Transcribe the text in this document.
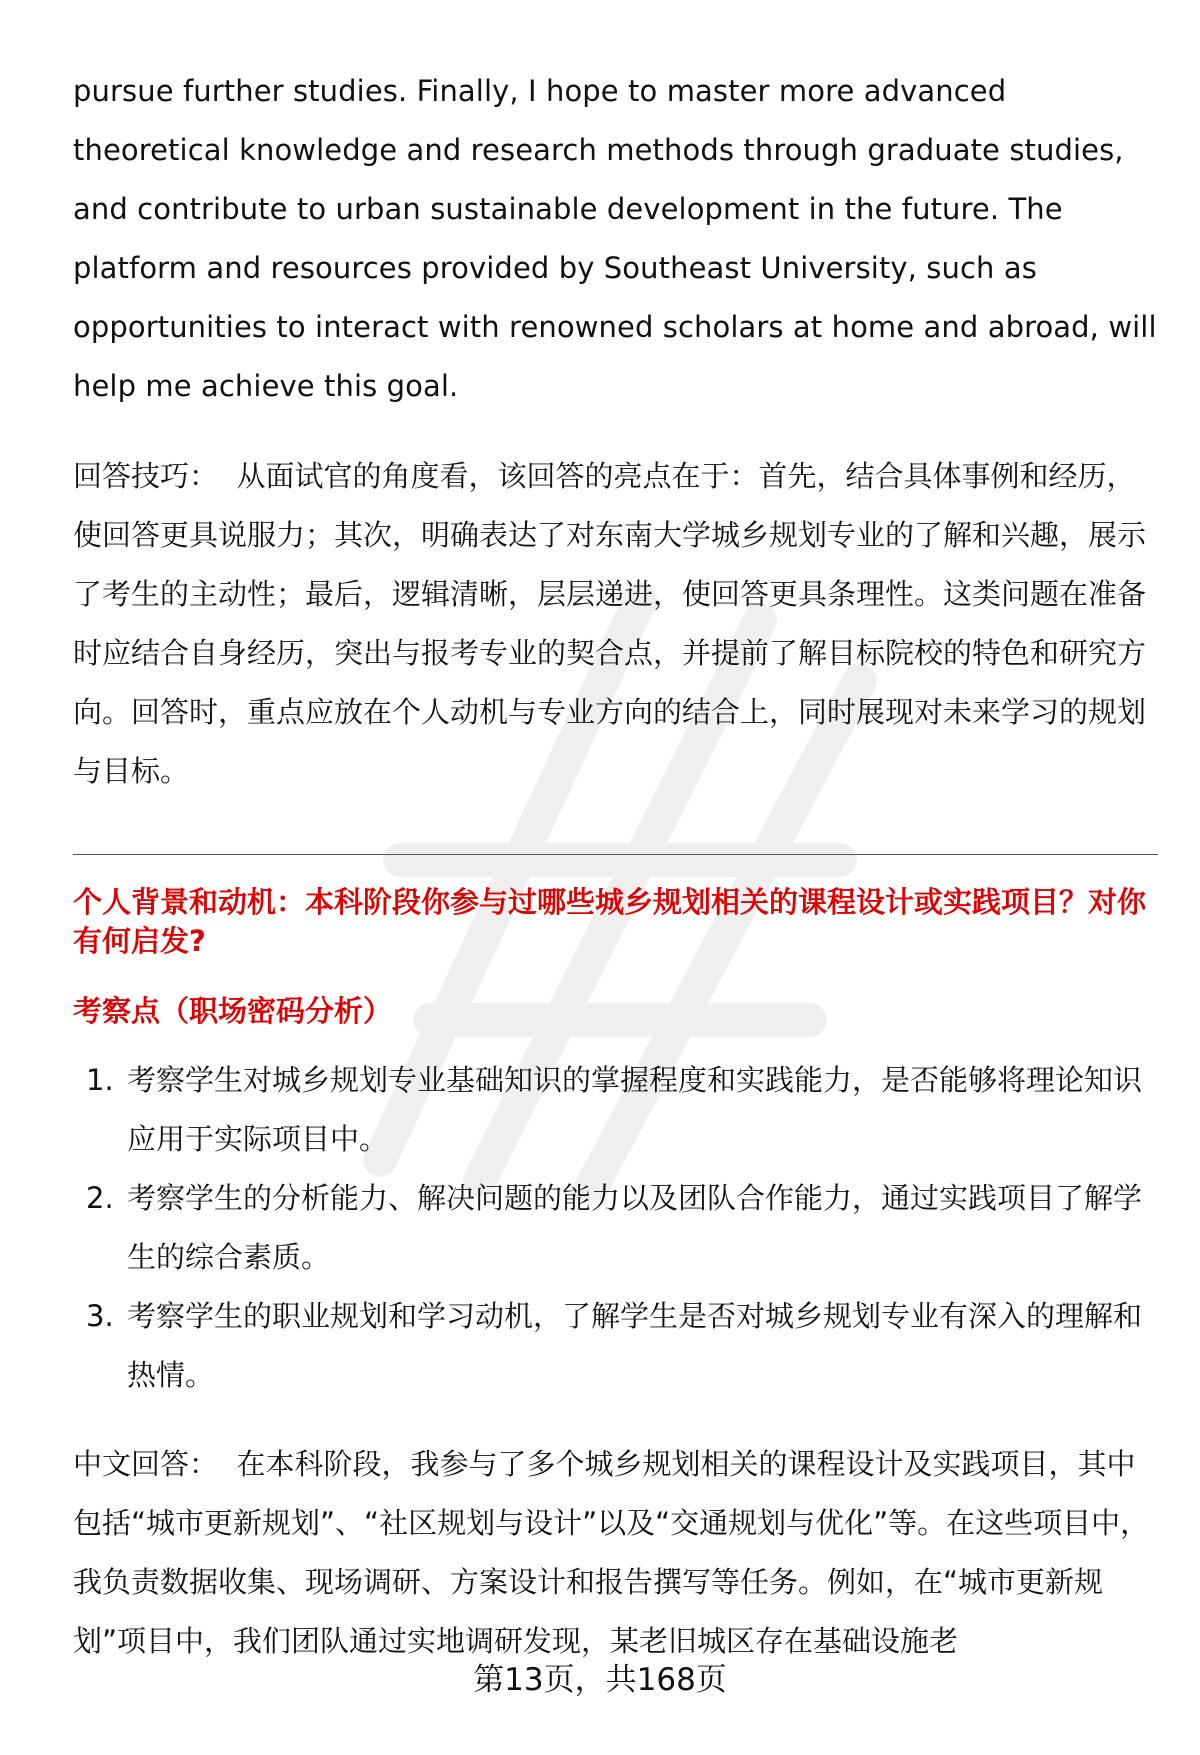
pursue further studies. Finally, I hope to master more advanced theoretical knowledge and research methods through graduate studies, and contribute to urban sustainable development in the future. The platform and resources provided by Southeast University, such as opportunities to interact with renowned scholars at home and abroad, will help me achieve this goal.

回答技巧： 从面试官的角度看，该回答的亮点在于：首先，结合具体事例和经历，使回答更具说服力；其次，明确表达了对东南大学城乡规划专业的了解和兴趣，展示了考生的主动性；最后，逻辑清晰，层层递进，使回答更具条理性。这类问题在准备时应结合自身经历，突出与报考专业的契合点，并提前了解目标院校的特色和研究方向。回答时，重点应放在个人动机与专业方向的结合上，同时展现对未来学习的规划与目标。

个人背景和动机：本科阶段你参与过哪些城乡规划相关的课程设计或实践项目？对你有何启发?

考察点（职场密码分析）

1. 考察学生对城乡规划专业基础知识的掌握程度和实践能力，是否能够将理论知识应用于实际项目中。
2. 考察学生的分析能力、解决问题的能力以及团队合作能力，通过实践项目了解学生的综合素质。
3. 考察学生的职业规划和学习动机，了解学生是否对城乡规划专业有深入的理解和热情。

中文回答： 在本科阶段，我参与了多个城乡规划相关的课程设计及实践项目，其中包括“城市更新规划”、“社区规划与设计”以及“交通规划与优化”等。在这些项目中，我负责数据收集、现场调研、方案设计和报告撰写等任务。例如，在“城市更新规划”项目中，我们团队通过实地调研发现，某老旧城区存在基础设施老

第13页，共168页
